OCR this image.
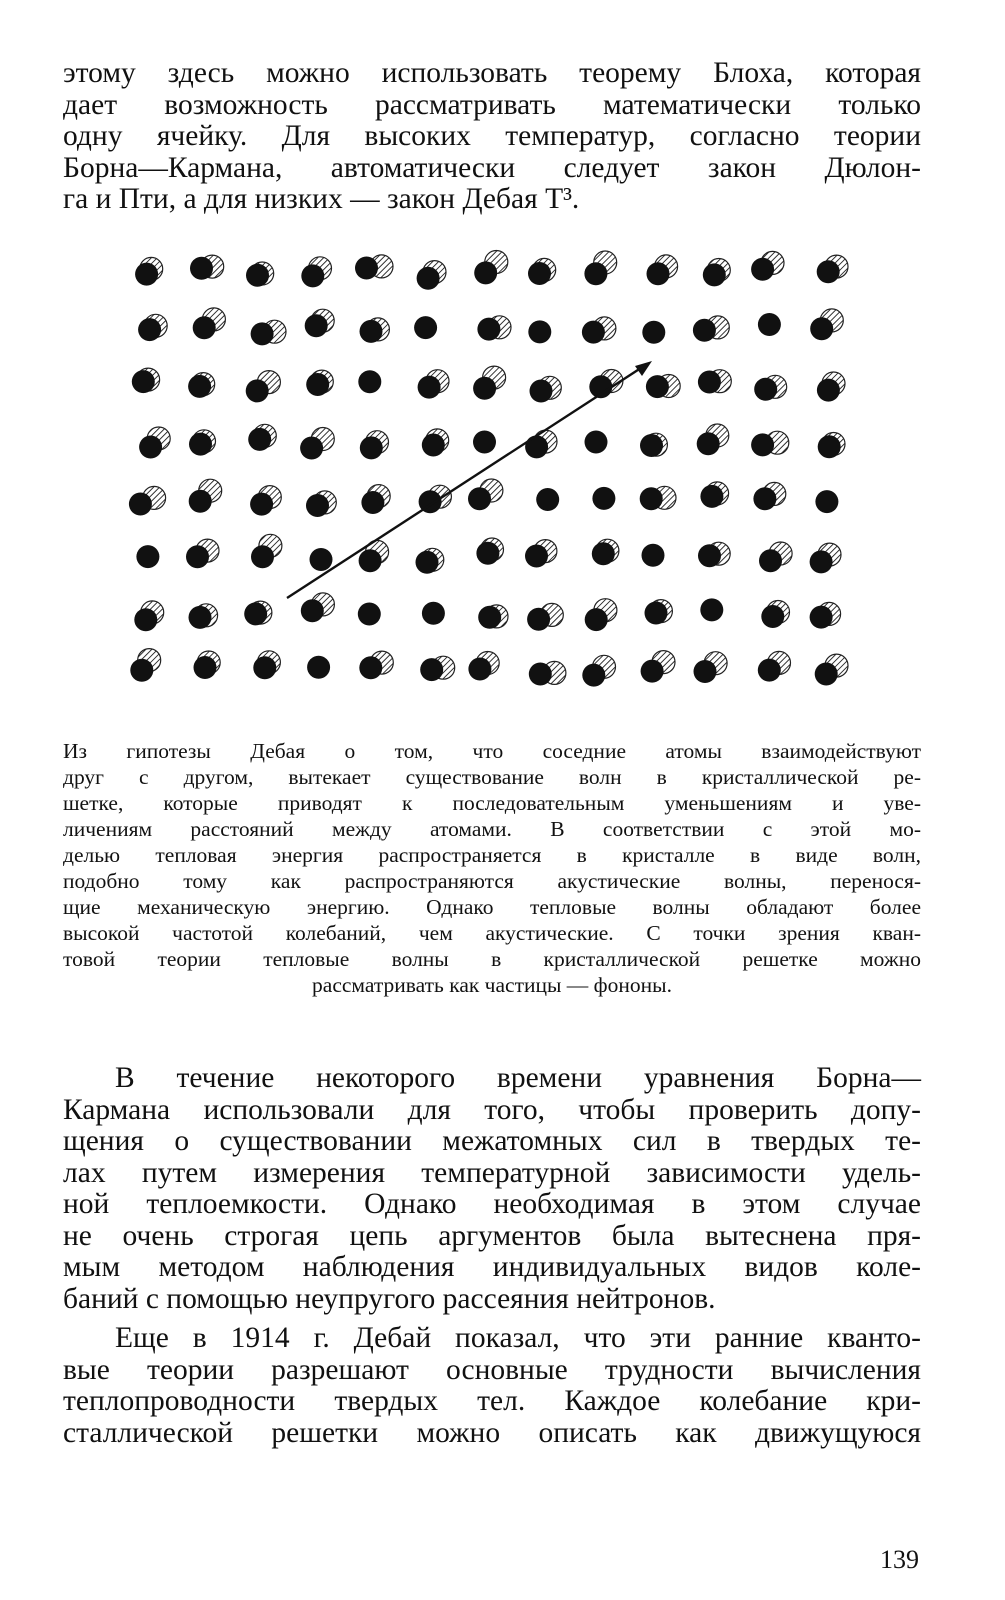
этому здесь можно использовать теорему Блоха, которая
дает возможность рассматривать математически только
одну ячейку. Для высоких температур, согласно теории
Борна—Кармана, автоматически следует закон Дюлон-
га и Пти, а для низких — закон Дебая T³.
Из гипотезы Дебая о том, что соседние атомы взаимодействуют
друг с другом, вытекает существование волн в кристаллической ре-
шетке, которые приводят к последовательным уменьшениям и уве-
личениям расстояний между атомами. В соответствии с этой мо-
делью тепловая энергия распространяется в кристалле в виде волн,
подобно тому как распространяются акустические волны, перенося-
щие механическую энергию. Однако тепловые волны обладают более
высокой частотой колебаний, чем акустические. С точки зрения кван-
товой теории тепловые волны в кристаллической решетке можно
рассматривать как частицы — фононы.
В течение некоторого времени уравнения Борна—
Кармана использовали для того, чтобы проверить допу-
щения о существовании межатомных сил в твердых те-
лах путем измерения температурной зависимости удель-
ной теплоемкости. Однако необходимая в этом случае
не очень строгая цепь аргументов была вытеснена пря-
мым методом наблюдения индивидуальных видов коле-
баний с помощью неупругого рассеяния нейтронов.
Еще в 1914 г. Дебай показал, что эти ранние кванто-
вые теории разрешают основные трудности вычисления
теплопроводности твердых тел. Каждое колебание кри-
сталлической решетки можно описать как движущуюся
139
